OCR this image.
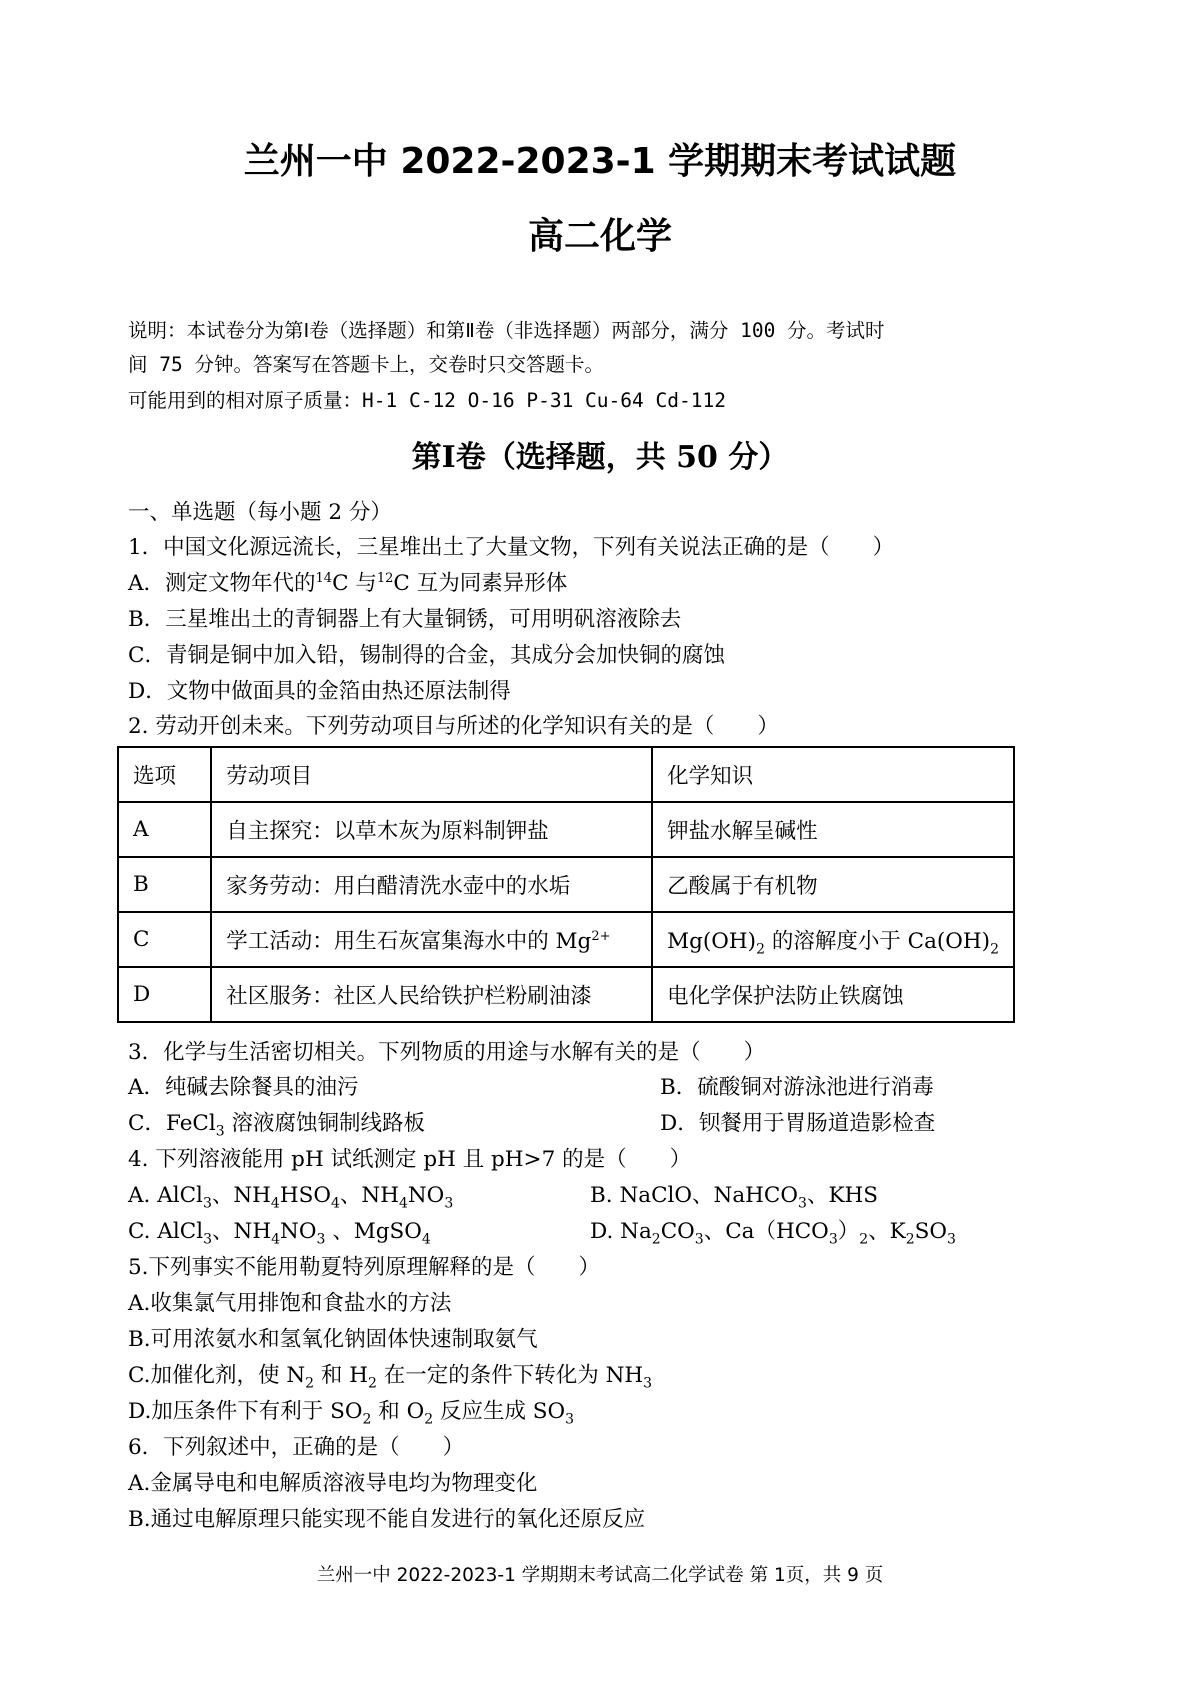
兰州一中 2022-2023-1 学期期末考试试题
高二化学
说明：本试卷分为第Ⅰ卷（选择题）和第Ⅱ卷（非选择题）两部分，满分 100 分。考试时
间 75 分钟。答案写在答题卡上，交卷时只交答题卡。
可能用到的相对原子质量：H-1 C-12 O-16 P-31 Cu-64 Cd-112
第Ⅰ卷（选择题，共 50 分）
一、单选题（每小题 2 分）
1．中国文化源远流长，三星堆出土了大量文物，下列有关说法正确的是（　　）
A．测定文物年代的$^{14}$C 与$^{12}$C 互为同素异形体
B．三星堆出土的青铜器上有大量铜锈，可用明矾溶液除去
C．青铜是铜中加入铅，锡制得的合金，其成分会加快铜的腐蚀
D．文物中做面具的金箔由热还原法制得
2. 劳动开创未来。下列劳动项目与所述的化学知识有关的是（　　）
选项	劳动项目	化学知识
A	自主探究：以草木灰为原料制钾盐	钾盐水解呈碱性
B	家务劳动：用白醋清洗水壶中的水垢	乙酸属于有机物
C	学工活动：用生石灰富集海水中的 $Mg^{2+}$	$Mg(OH)_2$ 的溶解度小于 $Ca(OH)_2$
D	社区服务：社区人民给铁护栏粉刷油漆	电化学保护法防止铁腐蚀
3．化学与生活密切相关。下列物质的用途与水解有关的是（　　）
A．纯碱去除餐具的油污	B．硫酸铜对游泳池进行消毒
C．FeCl$_3$ 溶液腐蚀铜制线路板	D．钡餐用于胃肠道造影检查
4. 下列溶液能用 pH 试纸测定 pH 且 pH>7 的是（　　）
A. AlCl$_3$、$NH_4HSO_4$、$NH_4NO_3$	B. NaClO、NaHCO$_3$、KHS
C. AlCl$_3$、$NH_4NO_3$ 、MgSO$_4$	D. $Na_2CO_3$、$Ca(HCO_3)_2$、$K_2SO_3$
5.下列事实不能用勒夏特列原理解释的是（　　）
A.收集氯气用排饱和食盐水的方法
B.可用浓氨水和氢氧化钠固体快速制取氨气
C.加催化剂，使 $N_2$ 和 $H_2$ 在一定的条件下转化为 $NH_3$
D.加压条件下有利于 $SO_2$ 和 $O_2$ 反应生成 $SO_3$
6．下列叙述中，正确的是（　　）
A.金属导电和电解质溶液导电均为物理变化
B.通过电解原理只能实现不能自发进行的氧化还原反应
兰州一中 2022-2023-1 学期期末考试高二化学试卷 第 1页，共 9 页
